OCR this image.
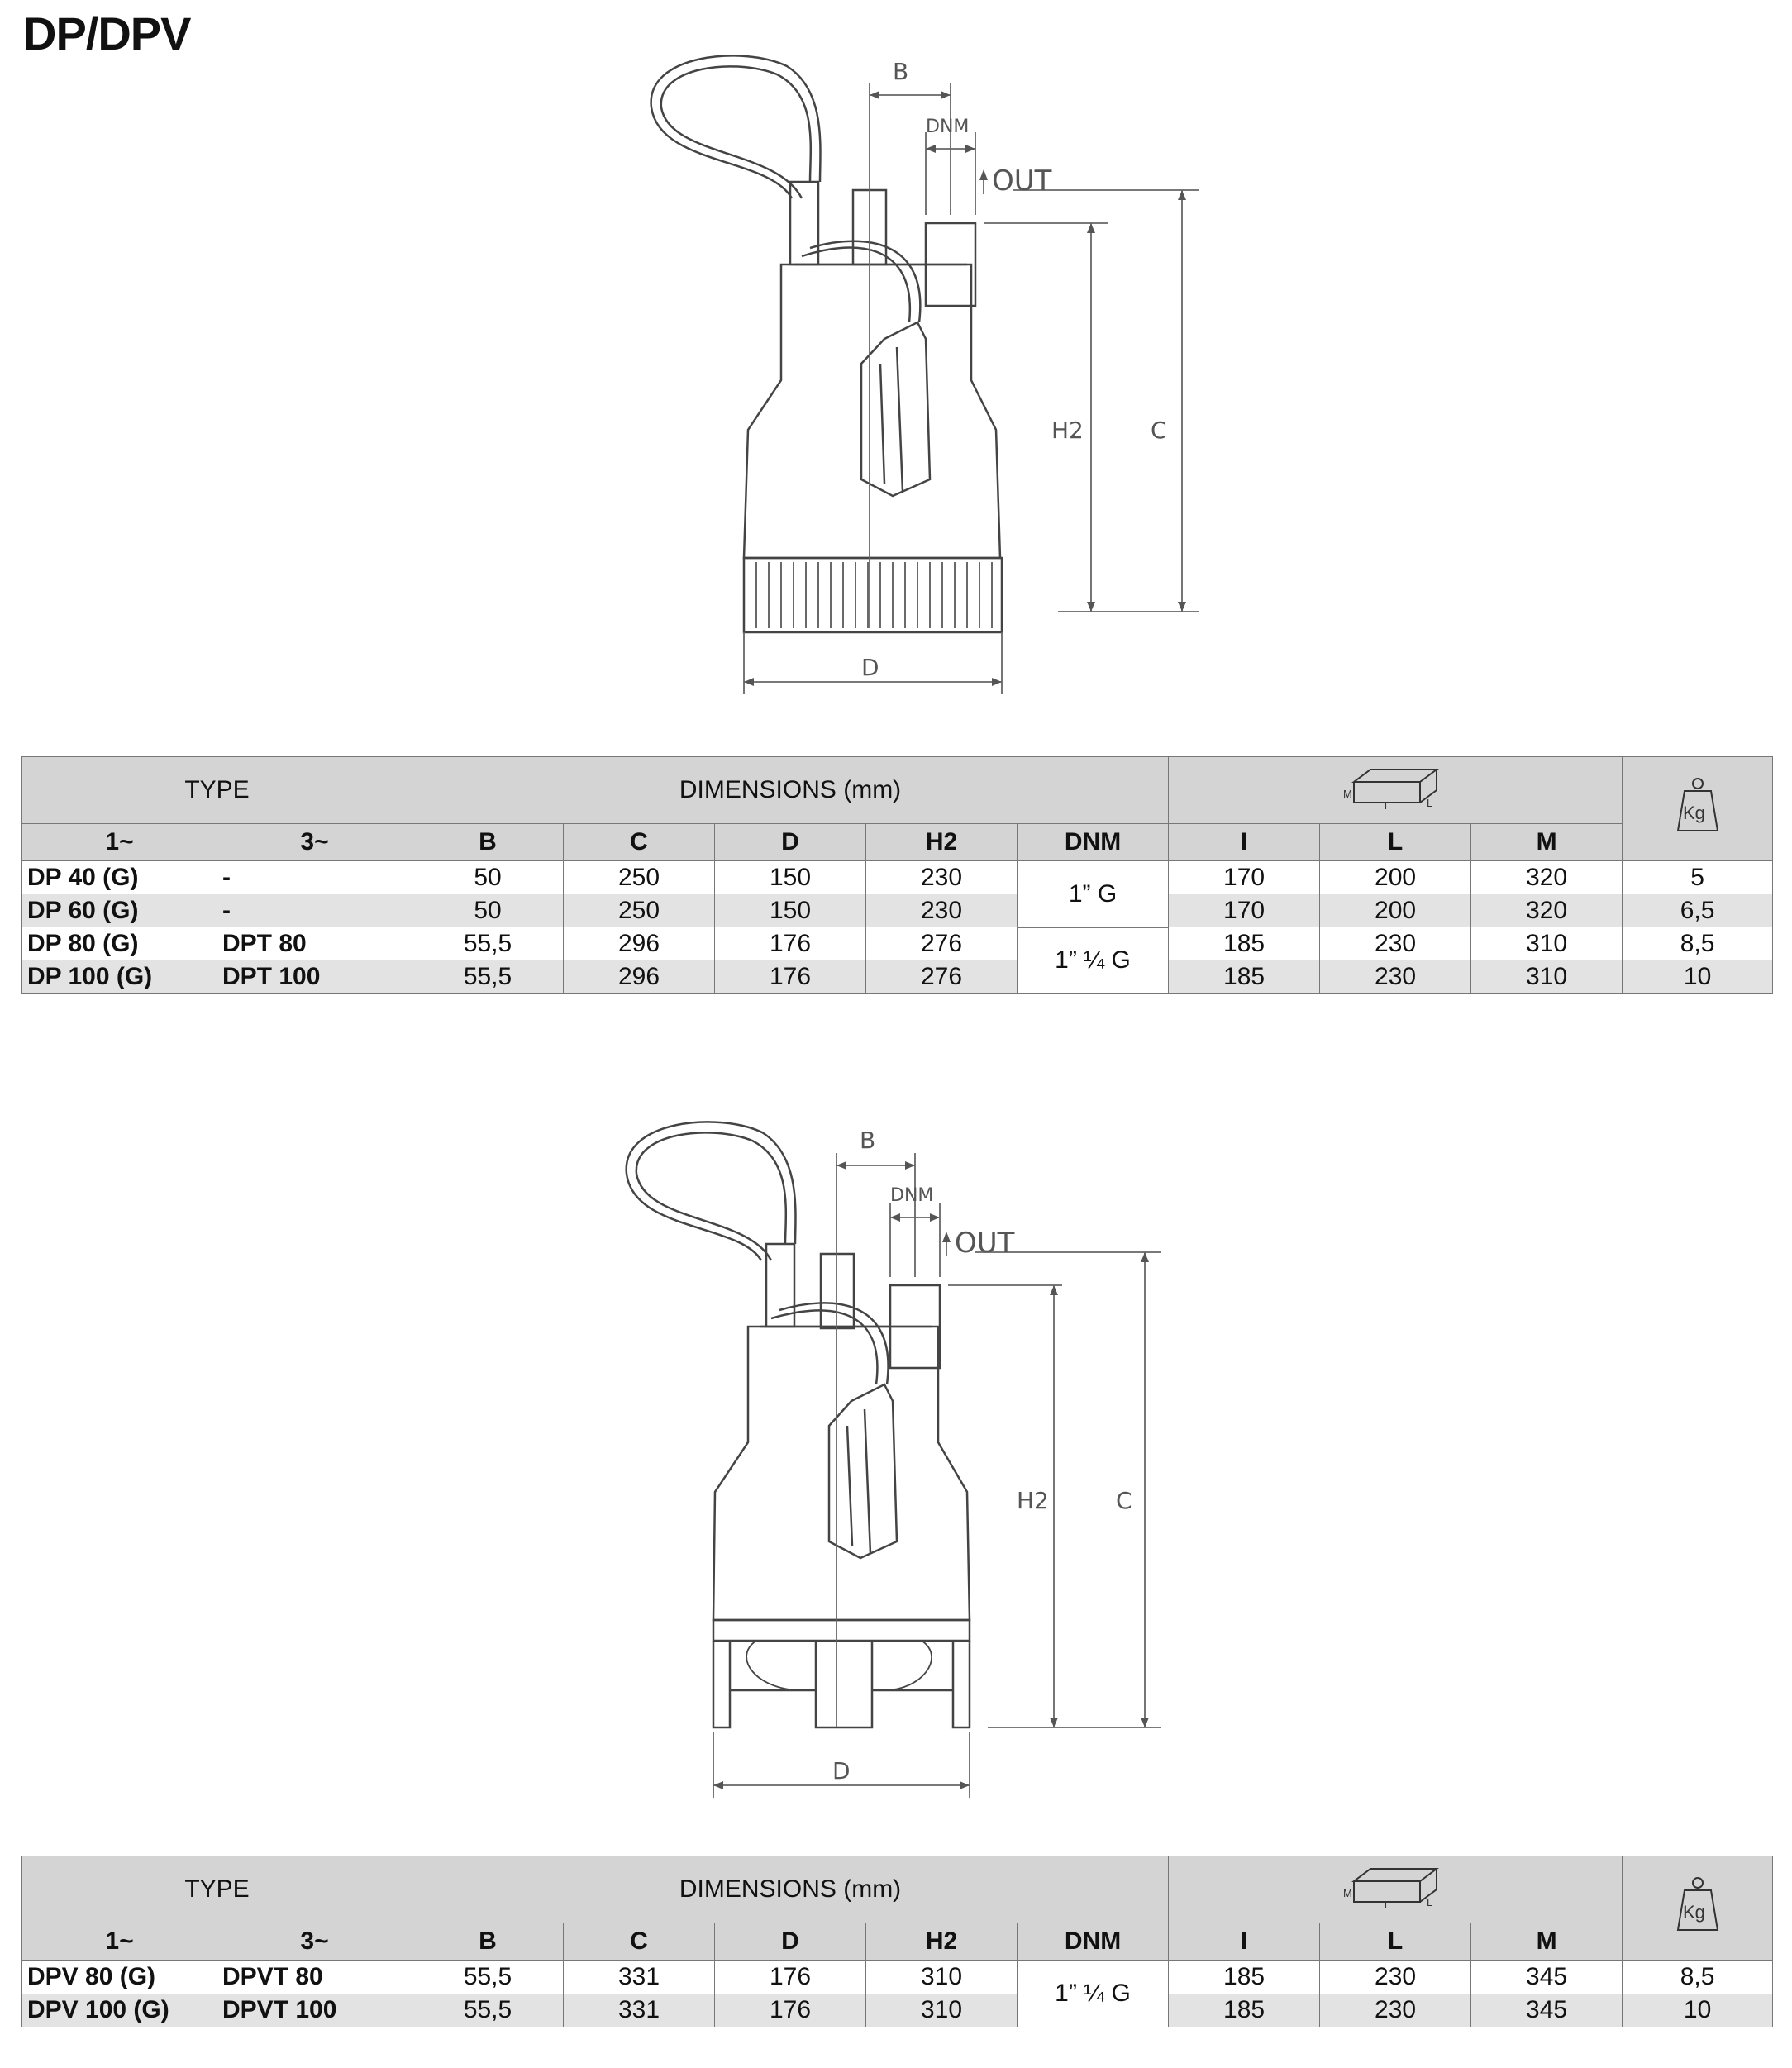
DP/DPV
B
DNM
OUT
H2	C
D
TYPE		DIMENSIONS (mm)					M
I L			Kg

1~	3~	B	C	D	H2	DNM	I	L	M	
DP 40 (G)	-	50	250	150	230	1” G	170	200	320	5
DP 60 (G)	-	50	250	150	230		170	200	320	6,5
DP 80 (G)	DPT 80	55,5	296	176	276	1” ¼ G	185	230	310	8,5
DP 100 (G)	DPT 100	55,5	296	176	276		185	230	310	10
B
DNM
OUT
H2	C
D
TYPE		DIMENSIONS (mm)					M
I L			Kg

1~	3~	B	C	D	H2	DNM	I	L	M	
DPV 80 (G)	DPVT 80	55,5	331	176	310	1” ¼ G	185	230	345	8,5
DPV 100 (G)	DPVT 100	55,5	331	176	310		185	230	345	10
